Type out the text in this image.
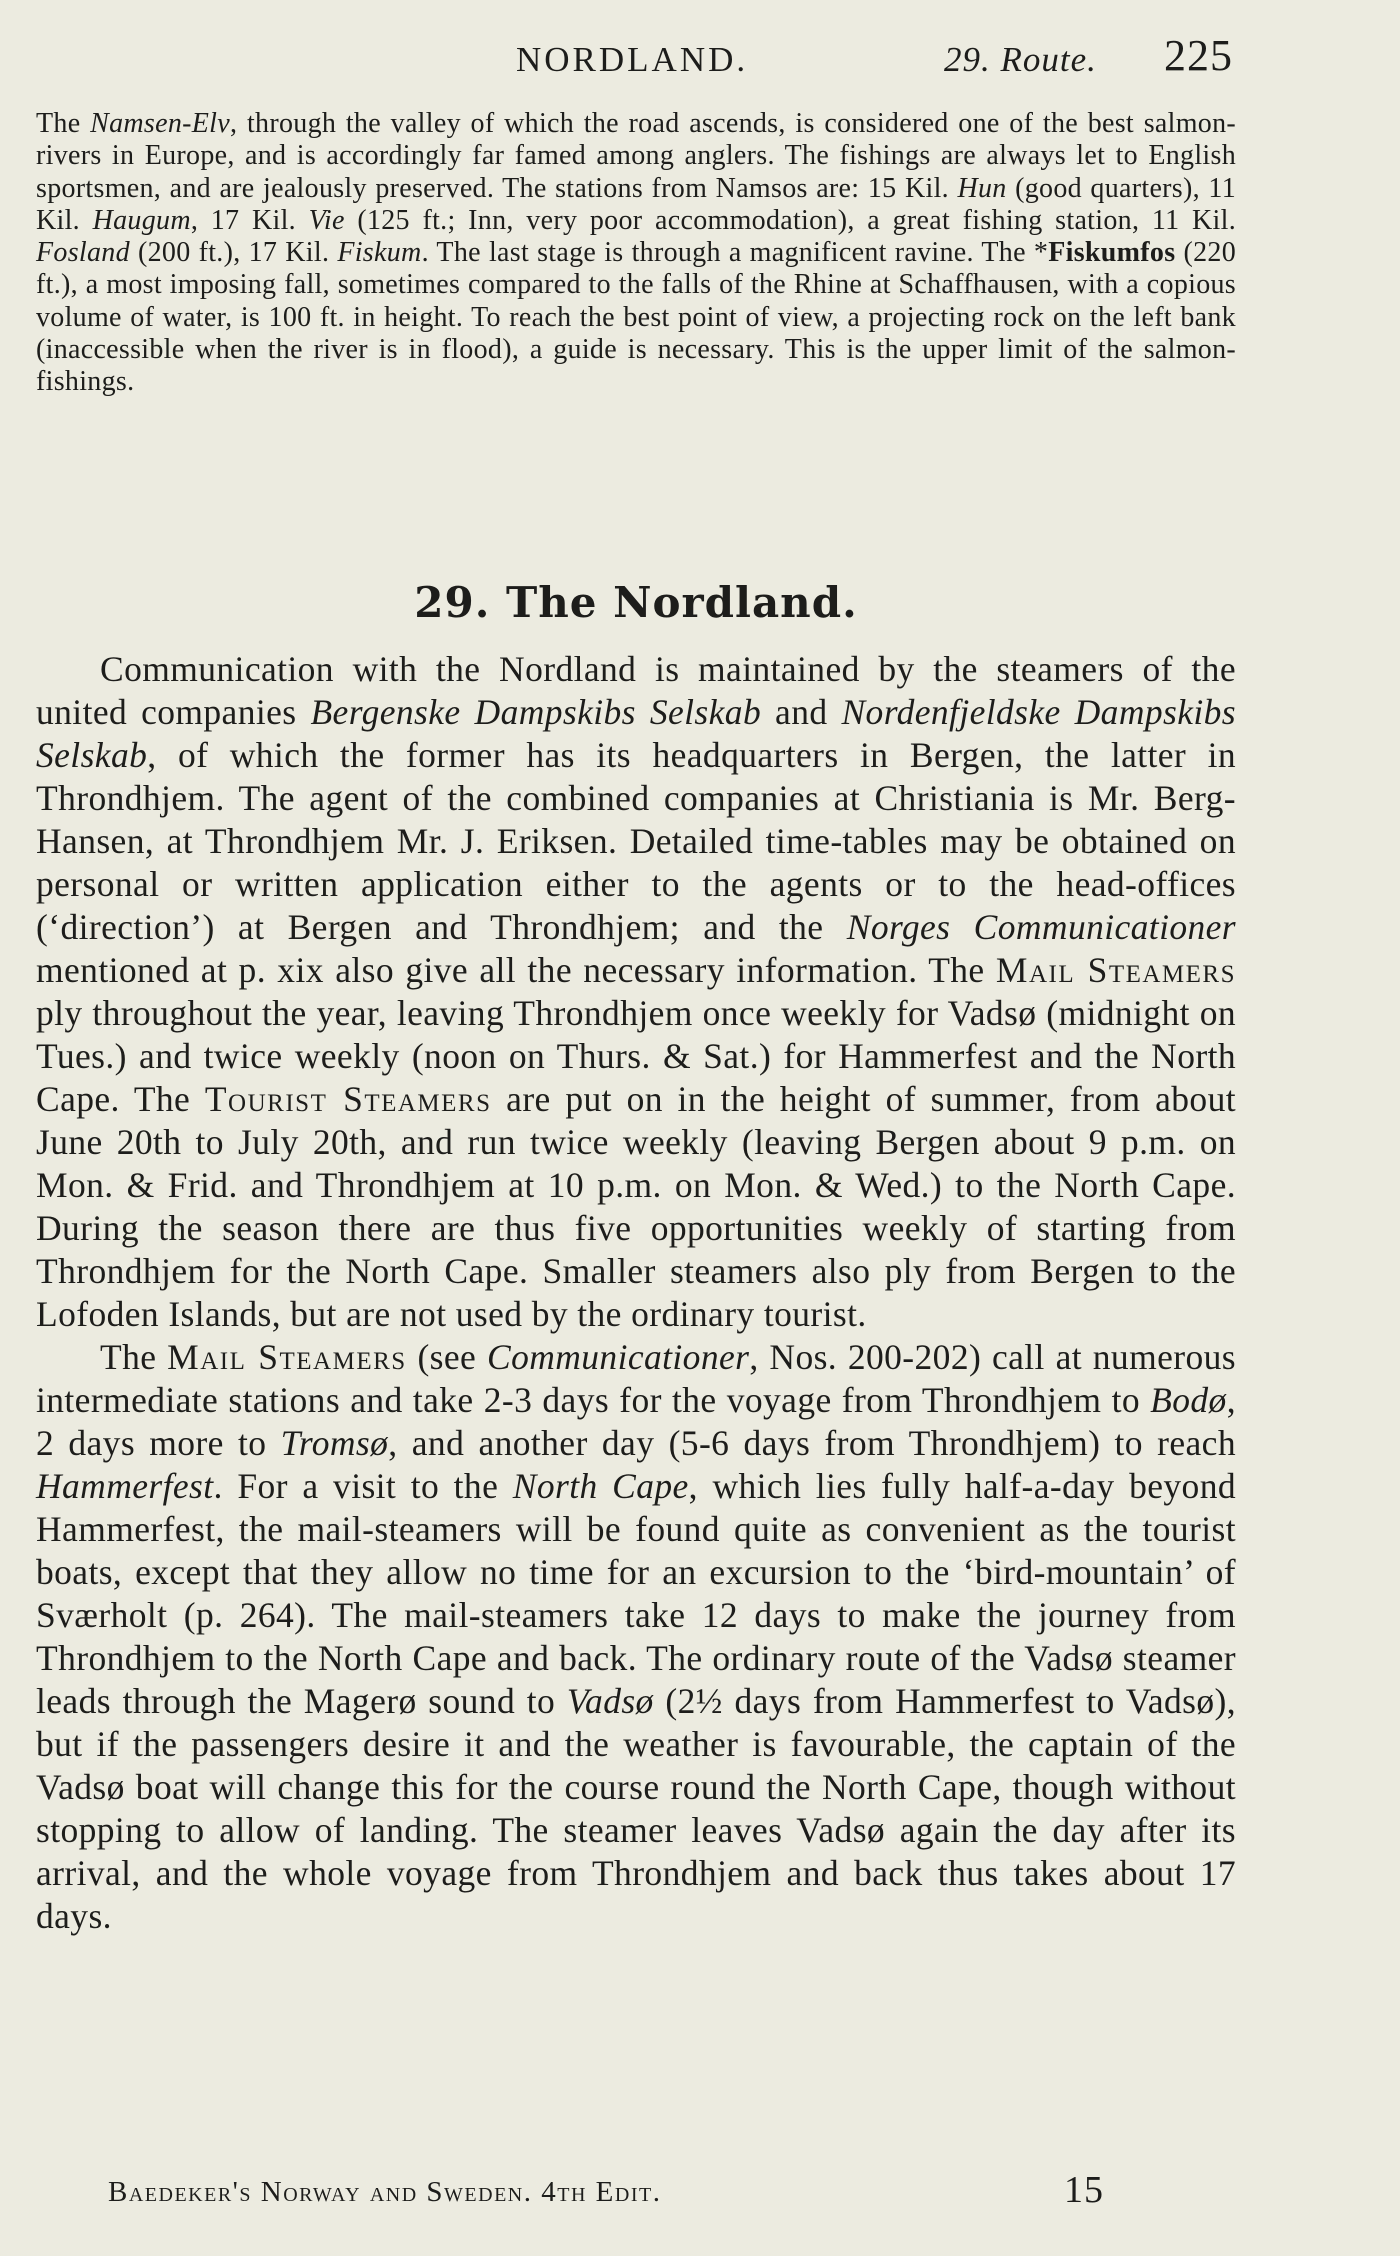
NORDLAND.	29. Route. 225
The Namsen-Elv, through the valley of which the road ascends, is considered one of the best salmon-rivers in Europe, and is accordingly far famed among anglers. The fishings are always let to English sportsmen, and are jealously preserved. The stations from Namsos are: 15 Kil. Hun (good quarters), 11 Kil. Haugum, 17 Kil. Vie (125 ft.; Inn, very poor accommodation), a great fishing station, 11 Kil. Fosland (200 ft.), 17 Kil. Fiskum. The last stage is through a magnificent ravine. The *Fiskumfos (220 ft.), a most imposing fall, sometimes compared to the falls of the Rhine at Schaffhausen, with a copious volume of water, is 100 ft. in height. To reach the best point of view, a projecting rock on the left bank (inaccessible when the river is in flood), a guide is necessary. This is the upper limit of the salmon-fishings.
29. The Nordland.

Communication with the Nordland is maintained by the steamers of the united companies Bergenske Dampskibs Selskab and Nordenfjeldske Dampskibs Selskab, of which the former has its headquarters in Bergen, the latter in Throndhjem. The agent of the combined companies at Christiania is Mr. Berg-Hansen, at Throndhjem Mr. J. Eriksen. Detailed time-tables may be obtained on personal or written application either to the agents or to the head-offices (‘direction’) at Bergen and Throndhjem; and the Norges Communicationer mentioned at p. xix also give all the necessary information. The Mail Steamers ply throughout the year, leaving Throndhjem once weekly for Vadsø (midnight on Tues.) and twice weekly (noon on Thurs. & Sat.) for Hammerfest and the North Cape. The Tourist Steamers are put on in the height of summer, from about June 20th to July 20th, and run twice weekly (leaving Bergen about 9 p.m. on Mon. & Frid. and Throndhjem at 10 p.m. on Mon. & Wed.) to the North Cape. During the season there are thus five opportunities weekly of starting from Throndhjem for the North Cape. Smaller steamers also ply from Bergen to the Lofoden Islands, but are not used by the ordinary tourist.

The Mail Steamers (see Communicationer, Nos. 200-202) call at numerous intermediate stations and take 2-3 days for the voyage from Throndhjem to Bodø, 2 days more to Tromsø, and another day (5-6 days from Throndhjem) to reach Hammerfest. For a visit to the North Cape, which lies fully half-a-day beyond Hammerfest, the mail-steamers will be found quite as convenient as the tourist boats, except that they allow no time for an excursion to the ‘bird-mountain’ of Sværholt (p. 264). The mail-steamers take 12 days to make the journey from Throndhjem to the North Cape and back. The ordinary route of the Vadsø steamer leads through the Magerø sound to Vadsø (2½ days from Hammerfest to Vadsø), but if the passengers desire it and the weather is favourable, the captain of the Vadsø boat will change this for the course round the North Cape, though without stopping to allow of landing. The steamer leaves Vadsø again the day after its arrival, and the whole voyage from Throndhjem and back thus takes about 17 days.

Baedeker's Norway and Sweden. 4th Edit.	15
